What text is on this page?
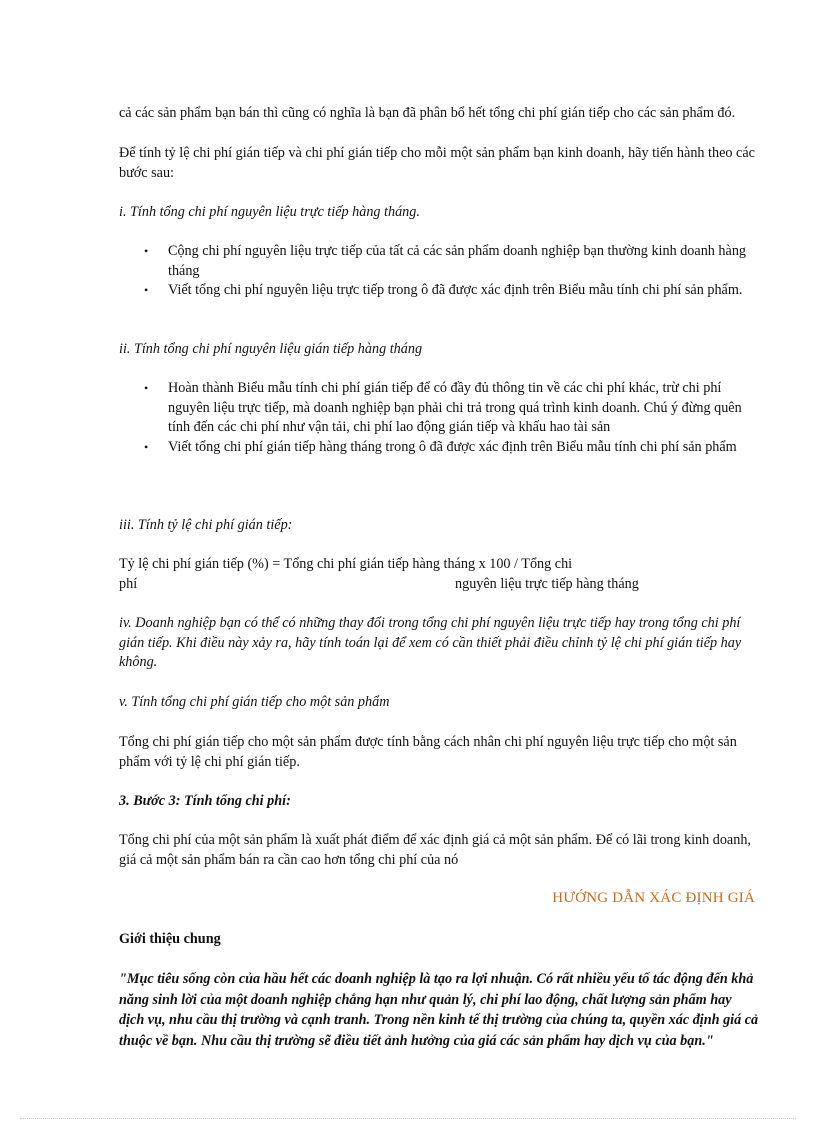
cả các sản phẩm bạn bán thì cũng có nghĩa là bạn đã phân bổ hết tổng chi phí gián tiếp cho các sản phẩm đó.

Để tính tỷ lệ chi phí gián tiếp và chi phí gián tiếp cho mỗi một sản phẩm bạn kinh doanh, hãy tiến hành theo các bước sau:

i. Tính tổng chi phí nguyên liệu trực tiếp hàng tháng.

• Cộng chi phí nguyên liệu trực tiếp của tất cả các sản phẩm doanh nghiệp bạn thường kinh doanh hàng tháng
• Viết tổng chi phí nguyên liệu trực tiếp trong ô đã được xác định trên Biểu mẫu tính chi phí sản phẩm.

ii. Tính tổng chi phí nguyên liệu gián tiếp hàng tháng

• Hoàn thành Biểu mẫu tính chi phí gián tiếp để có đầy đủ thông tin về các chi phí khác, trừ chi phí nguyên liệu trực tiếp, mà doanh nghiệp bạn phải chi trả trong quá trình kinh doanh. Chú ý đừng quên tính đến các chi phí như vận tải, chi phí lao động gián tiếp và khấu hao tài sản
• Viết tổng chi phí gián tiếp hàng tháng trong ô đã được xác định trên Biểu mẫu tính chi phí sản phẩm

iii. Tính tỷ lệ chi phí gián tiếp:

Tỷ lệ chi phí gián tiếp (%) = Tổng chi phí gián tiếp hàng tháng x 100 / Tổng chi
phí	nguyên liệu trực tiếp hàng tháng

iv. Doanh nghiệp bạn có thể có những thay đổi trong tổng chi phí nguyên liệu trực tiếp hay trong tổng chi phí gián tiếp. Khi điều này xảy ra, hãy tính toán lại để xem có cần thiết phải điều chỉnh tỷ lệ chi phí gián tiếp hay không.

v. Tính tổng chi phí gián tiếp cho một sản phẩm

Tổng chi phí gián tiếp cho một sản phẩm được tính bằng cách nhân chi phí nguyên liệu trực tiếp cho một sản phẩm với tỷ lệ chi phí gián tiếp.

3. Bước 3: Tính tổng chi phí:

Tổng chi phí của một sản phẩm là xuất phát điểm để xác định giá cả một sản phẩm. Để có lãi trong kinh doanh, giá cả một sản phẩm bán ra cần cao hơn tổng chi phí của nó

HƯỚNG DẪN XÁC ĐỊNH GIÁ

Giới thiệu chung

"Mục tiêu sống còn của hầu hết các doanh nghiệp là tạo ra lợi nhuận. Có rất nhiều yếu tố tác động đến khả năng sinh lời của một doanh nghiệp chẳng hạn như quản lý, chi phí lao động, chất lượng sản phẩm hay dịch vụ, nhu cầu thị trường và cạnh tranh. Trong nền kinh tế thị trường của chúng ta, quyền xác định giá cả thuộc về bạn. Nhu cầu thị trường sẽ điều tiết ảnh hưởng của giá các sản phẩm hay dịch vụ của bạn."
